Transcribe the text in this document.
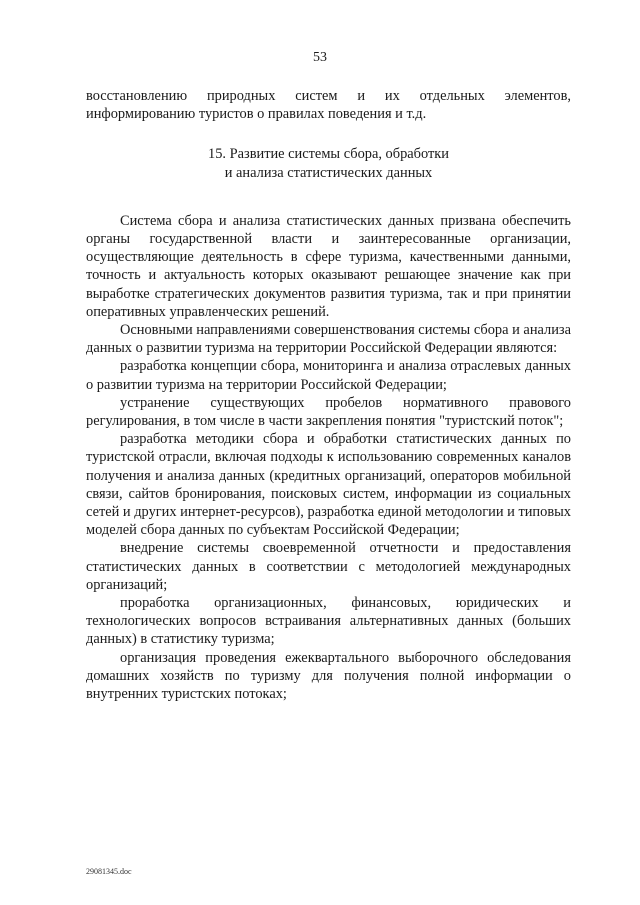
53

восстановлению природных систем и их отдельных элементов, информированию туристов о правилах поведения и т.д.

15. Развитие системы сбора, обработки
и анализа статистических данных

Система сбора и анализа статистических данных призвана обеспечить органы государственной власти и заинтересованные организации, осуществляющие деятельность в сфере туризма, качественными данными, точность и актуальность которых оказывают решающее значение как при выработке стратегических документов развития туризма, так и при принятии оперативных управленческих решений.

Основными направлениями совершенствования системы сбора и анализа данных о развитии туризма на территории Российской Федерации являются:

разработка концепции сбора, мониторинга и анализа отраслевых данных о развитии туризма на территории Российской Федерации;

устранение существующих пробелов нормативного правового регулирования, в том числе в части закрепления понятия "туристский поток";

разработка методики сбора и обработки статистических данных по туристской отрасли, включая подходы к использованию современных каналов получения и анализа данных (кредитных организаций, операторов мобильной связи, сайтов бронирования, поисковых систем, информации из социальных сетей и других интернет-ресурсов), разработка единой методологии и типовых моделей сбора данных по субъектам Российской Федерации;

внедрение системы своевременной отчетности и предоставления статистических данных в соответствии с методологией международных организаций;

проработка организационных, финансовых, юридических и технологических вопросов встраивания альтернативных данных (больших данных) в статистику туризма;

организация проведения ежеквартального выборочного обследования домашних хозяйств по туризму для получения полной информации о внутренних туристских потоках;

29081345.doc
